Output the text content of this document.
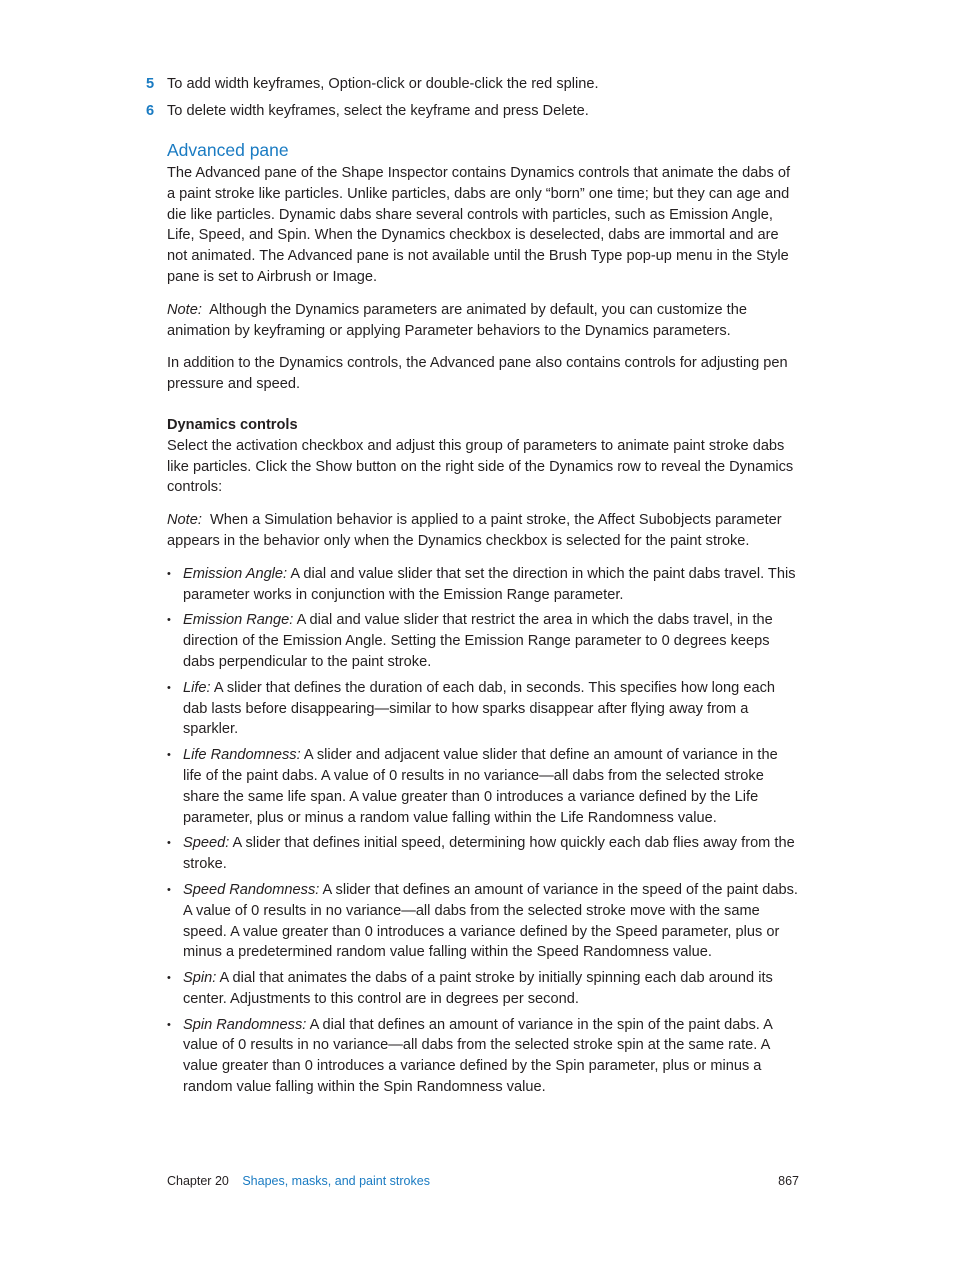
5 To add width keyframes, Option-click or double-click the red spline.
6 To delete width keyframes, select the keyframe and press Delete.
Advanced pane

The Advanced pane of the Shape Inspector contains Dynamics controls that animate the dabs of a paint stroke like particles. Unlike particles, dabs are only “born” one time; but they can age and die like particles. Dynamic dabs share several controls with particles, such as Emission Angle, Life, Speed, and Spin. When the Dynamics checkbox is deselected, dabs are immortal and are not animated. The Advanced pane is not available until the Brush Type pop-up menu in the Style pane is set to Airbrush or Image.

Note: Although the Dynamics parameters are animated by default, you can customize the animation by keyframing or applying Parameter behaviors to the Dynamics parameters.

In addition to the Dynamics controls, the Advanced pane also contains controls for adjusting pen pressure and speed.

Dynamics controls

Select the activation checkbox and adjust this group of parameters to animate paint stroke dabs like particles. Click the Show button on the right side of the Dynamics row to reveal the Dynamics controls:

Note: When a Simulation behavior is applied to a paint stroke, the Affect Subobjects parameter appears in the behavior only when the Dynamics checkbox is selected for the paint stroke.

• Emission Angle: A dial and value slider that set the direction in which the paint dabs travel. This parameter works in conjunction with the Emission Range parameter.
• Emission Range: A dial and value slider that restrict the area in which the dabs travel, in the direction of the Emission Angle. Setting the Emission Range parameter to 0 degrees keeps dabs perpendicular to the paint stroke.
• Life: A slider that defines the duration of each dab, in seconds. This specifies how long each dab lasts before disappearing—similar to how sparks disappear after flying away from a sparkler.
• Life Randomness: A slider and adjacent value slider that define an amount of variance in the life of the paint dabs. A value of 0 results in no variance—all dabs from the selected stroke share the same life span. A value greater than 0 introduces a variance defined by the Life parameter, plus or minus a random value falling within the Life Randomness value.
• Speed: A slider that defines initial speed, determining how quickly each dab flies away from the stroke.
• Speed Randomness: A slider that defines an amount of variance in the speed of the paint dabs. A value of 0 results in no variance—all dabs from the selected stroke move with the same speed. A value greater than 0 introduces a variance defined by the Speed parameter, plus or minus a predetermined random value falling within the Speed Randomness value.
• Spin: A dial that animates the dabs of a paint stroke by initially spinning each dab around its center. Adjustments to this control are in degrees per second.
• Spin Randomness: A dial that defines an amount of variance in the spin of the paint dabs. A value of 0 results in no variance—all dabs from the selected stroke spin at the same rate. A value greater than 0 introduces a variance defined by the Spin parameter, plus or minus a random value falling within the Spin Randomness value.
Chapter 20 Shapes, masks, and paint strokes	867
